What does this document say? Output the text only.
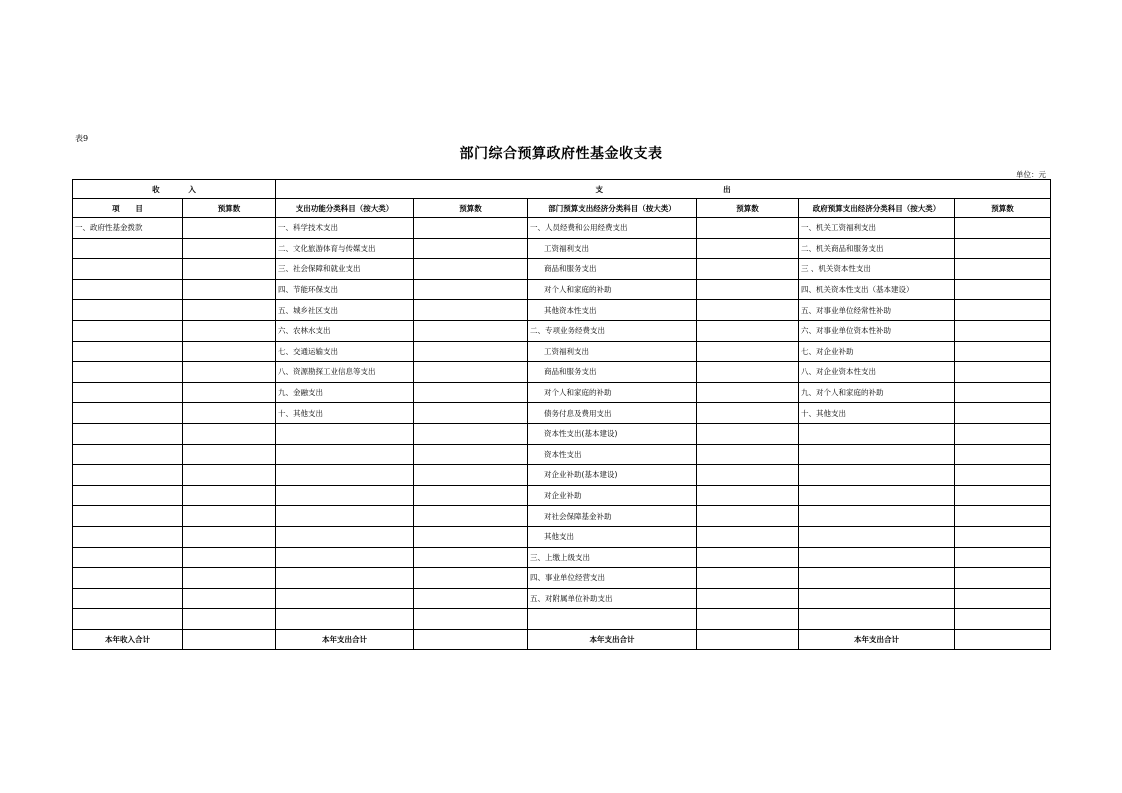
表9
部门综合预算政府性基金收支表
单位：元
收           入		支                                              出					
项      目	预算数	支出功能分类科目（按大类）	预算数	部门预算支出经济分类科目（按大类）	预算数	政府预算支出经济分类科目（按大类）	预算数
一、政府性基金拨款		一、科学技术支出		一、人员经费和公用经费支出		一、机关工资福利支出	
		二、文化旅游体育与传媒支出		工资福利支出		二、机关商品和服务支出	
		三、社会保障和就业支出		商品和服务支出		三 、机关资本性支出	
		四、节能环保支出		对个人和家庭的补助		四、机关资本性支出（基本建设）	
		五、城乡社区支出		其他资本性支出		五、对事业单位经常性补助	
		六、农林水支出		二、专项业务经费支出		六、对事业单位资本性补助	
		七、交通运输支出		工资福利支出		七、对企业补助	
		八、资源勘探工业信息等支出		商品和服务支出		八、对企业资本性支出	
		九、金融支出		对个人和家庭的补助		九、对个人和家庭的补助	
		十、其他支出		债务付息及费用支出		十、其他支出	
				资本性支出(基本建设)			
				资本性支出			
				对企业补助(基本建设)			
				对企业补助			
				对社会保障基金补助			
				其他支出			
				三、上缴上级支出			
				四、事业单位经营支出			
				五、对附属单位补助支出			

本年收入合计		本年支出合计		本年支出合计		本年支出合计	
